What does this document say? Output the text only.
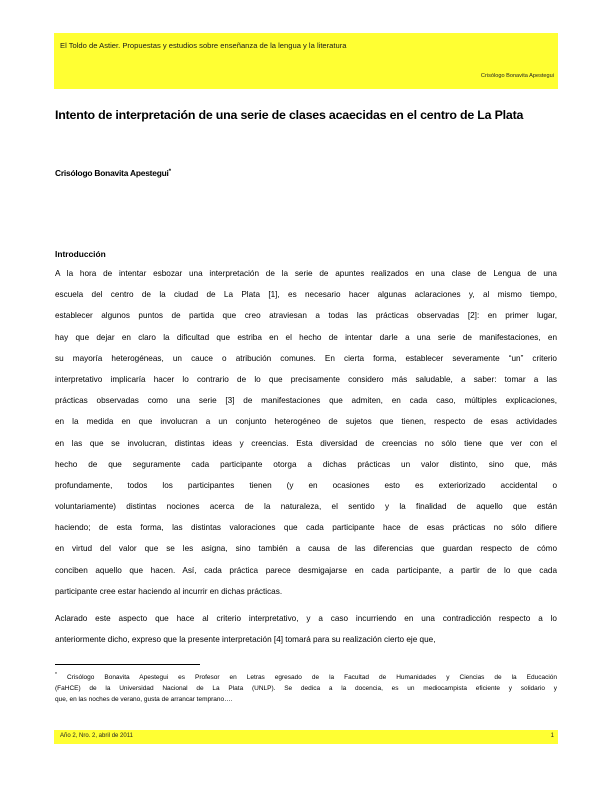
El Toldo de Astier. Propuestas y estudios sobre enseñanza de la lengua y la literatura
Crisólogo Bonavita Apestegui
Intento de interpretación de una serie de clases acaecidas en el centro de La Plata
Crisólogo Bonavita Apestegui*
Introducción
A la hora de intentar esbozar una interpretación de la serie de apuntes realizados en una clase de Lengua de una
escuela del centro de la ciudad de La Plata [1], es necesario hacer algunas aclaraciones y, al mismo tiempo,
establecer algunos puntos de partida que creo atraviesan a todas las prácticas observadas [2]: en primer lugar,
hay que dejar en claro la dificultad que estriba en el hecho de intentar darle a una serie de manifestaciones, en
su mayoría heterogéneas, un cauce o atribución comunes. En cierta forma, establecer severamente “un” criterio
interpretativo implicaría hacer lo contrario de lo que precisamente considero más saludable, a saber: tomar a las
prácticas observadas como una serie [3] de manifestaciones que admiten, en cada caso, múltiples explicaciones,
en la medida en que involucran a un conjunto heterogéneo de sujetos que tienen, respecto de esas actividades
en las que se involucran, distintas ideas y creencias. Esta diversidad de creencias no sólo tiene que ver con el
hecho de que seguramente cada participante otorga a dichas prácticas un valor distinto, sino que, más
profundamente, todos los participantes tienen (y en ocasiones esto es exteriorizado accidental o
voluntariamente) distintas nociones acerca de la naturaleza, el sentido y la finalidad de aquello que están
haciendo; de esta forma, las distintas valoraciones que cada participante hace de esas prácticas no sólo difiere
en virtud del valor que se les asigna, sino también a causa de las diferencias que guardan respecto de cómo
conciben aquello que hacen. Así, cada práctica parece desmigajarse en cada participante, a partir de lo que cada
participante cree estar haciendo al incurrir en dichas prácticas.
Aclarado este aspecto que hace al criterio interpretativo, y a caso incurriendo en una contradicción respecto a lo
anteriormente dicho, expreso que la presente interpretación [4] tomará para su realización cierto eje que,
* Crisólogo Bonavita Apestegui es Profesor en Letras egresado de la Facultad de Humanidades y Ciencias de la Educación
(FaHCE) de la Universidad Nacional de La Plata (UNLP). Se dedica a la docencia, es un mediocampista eficiente y solidario y
que, en las noches de verano, gusta de arrancar temprano….
Año 2, Nro. 2, abril de 2011	1
